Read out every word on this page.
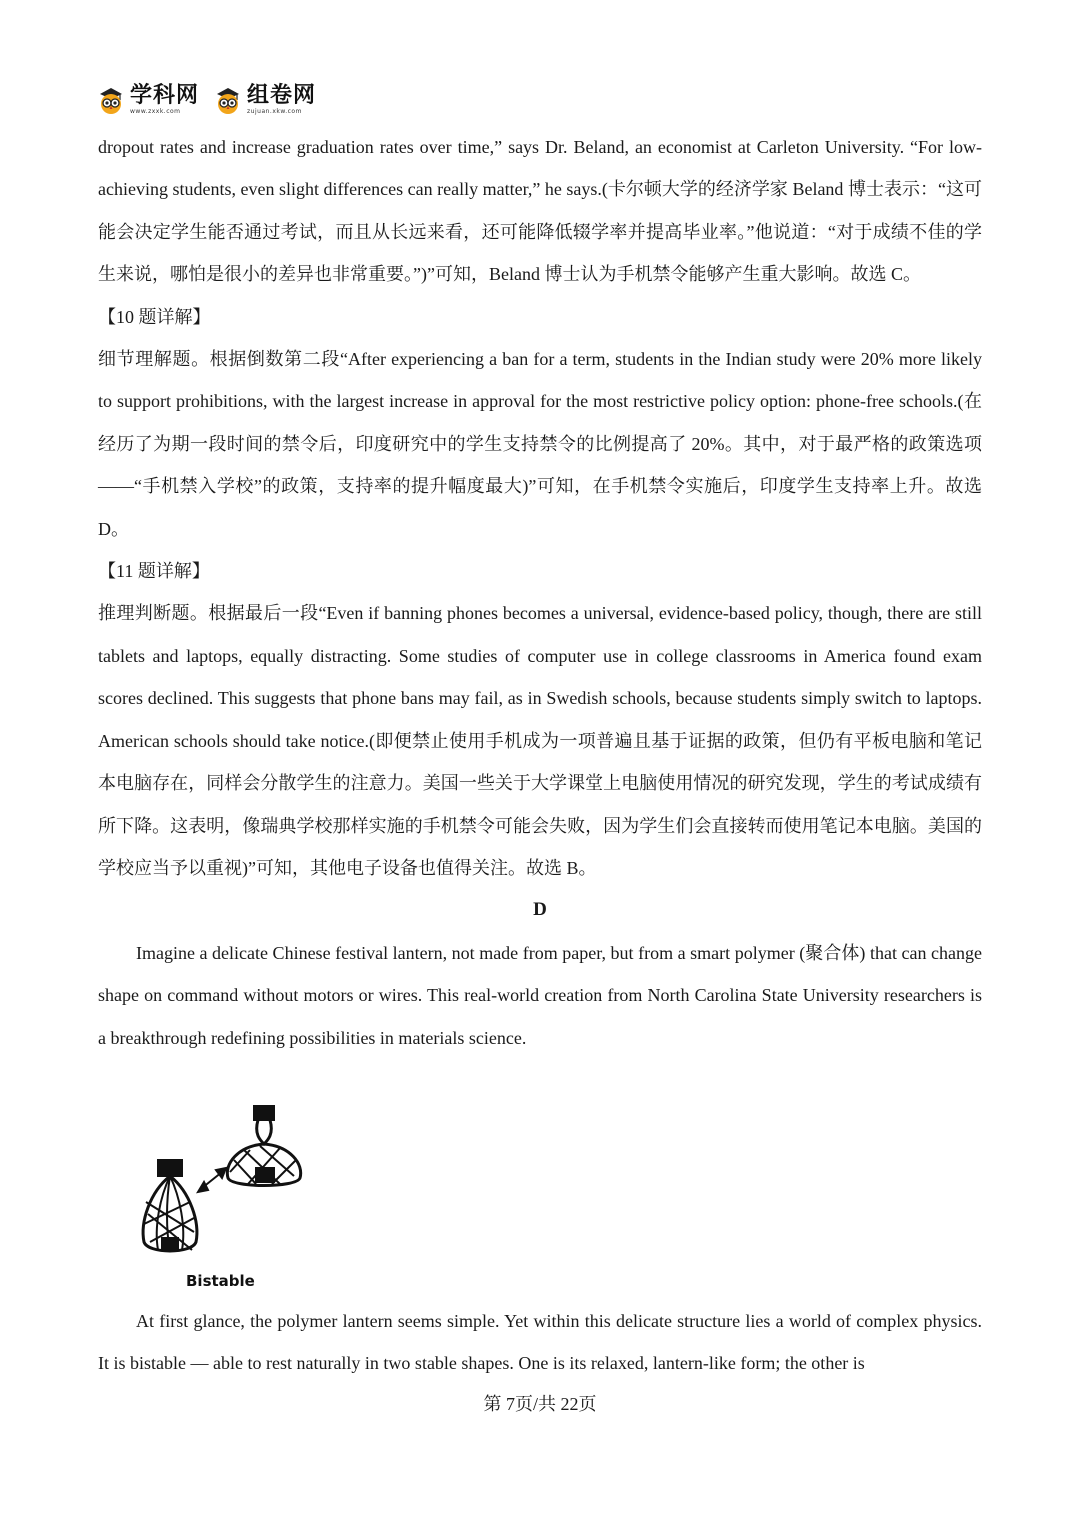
学科网
www.zxxk.com
组卷网
zujuan.xkw.com

dropout rates and increase graduation rates over time,” says Dr. Beland, an economist at Carleton University. “For low-achieving students, even slight differences can really matter,” he says.(卡尔顿大学的经济学家 Beland 博士表示：“这可能会决定学生能否通过考试，而且从长远来看，还可能降低辍学率并提高毕业率。”他说道：“对于成绩不佳的学生来说，哪怕是很小的差异也非常重要。”)”可知，Beland 博士认为手机禁令能够产生重大影响。故选 C。

【10 题详解】

细节理解题。根据倒数第二段“After experiencing a ban for a term, students in the Indian study were 20% more likely to support prohibitions, with the largest increase in approval for the most restrictive policy option: phone-free schools.(在经历了为期一段时间的禁令后，印度研究中的学生支持禁令的比例提高了 20%。其中，对于最严格的政策选项——“手机禁入学校”的政策，支持率的提升幅度最大)”可知，在手机禁令实施后，印度学生支持率上升。故选 D。

【11 题详解】

推理判断题。根据最后一段“Even if banning phones becomes a universal, evidence-based policy, though, there are still tablets and laptops, equally distracting. Some studies of computer use in college classrooms in America found exam scores declined. This suggests that phone bans may fail, as in Swedish schools, because students simply switch to laptops. American schools should take notice.(即便禁止使用手机成为一项普遍且基于证据的政策，但仍有平板电脑和笔记本电脑存在，同样会分散学生的注意力。美国一些关于大学课堂上电脑使用情况的研究发现，学生的考试成绩有所下降。这表明，像瑞典学校那样实施的手机禁令可能会失败，因为学生们会直接转而使用笔记本电脑。美国的学校应当予以重视)”可知，其他电子设备也值得关注。故选 B。

D

Imagine a delicate Chinese festival lantern, not made from paper, but from a smart polymer (聚合体) that can change shape on command without motors or wires. This real-world creation from North Carolina State University researchers is a breakthrough redefining possibilities in materials science.

Bistable

At first glance, the polymer lantern seems simple. Yet within this delicate structure lies a world of complex physics. It is bistable — able to rest naturally in two stable shapes. One is its relaxed, lantern-like form; the other is

第 7页/共 22页
